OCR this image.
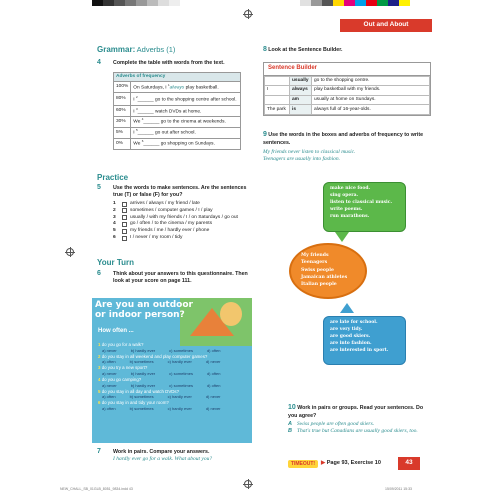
Out and About
Grammar: Adverbs (1)
4 Complete the table with words from the text.
Adverbs of frequency	
100%	On Saturdays, I $^1$always play basketball.
80%	I $^2$______ go to the shopping centre after school.
60%	I $^3$______ watch DVDs at home.
30%	We $^4$______ go to the cinema at weekends.
5%	I $^5$______ go out after school.
0%	We $^6$______ go shopping on Sundays.
8 Look at the Sentence Builder.
Sentence Builder
	usually	go to the shopping centre.
I	always	play basketball with my friends.
	am	usually at home on Sundays.
The park	is	always full of 16-year-olds.
9 Use the words in the boxes and adverbs of frequency to write sentences.
My friends never listen to classical music.
Teenagers are usually into fashion.
make nice food.
sing opera.
listen to classical music.
write poems.
run marathons.
My friends
Teenagers
Swiss people
Jamaican athletes
Italian people
are late for school.
are very tidy.
are good skiers.
are into fashion.
are interested in sport.
Practice
5 Use the words to make sentences. Are the sentences true (T) or false (F) for you?
1	arrives / always / my friend / late
2	sometimes / computer games / I / play
3	usually / with my friends / I / on Saturdays / go out
4	go / often / to the cinema / my parents
5	my friends / me / hardly ever / phone
6	I / never / my room / tidy
Your Turn
6 Think about your answers to this questionnaire. Then look at your score on page 111.
Are you an outdoor
or indoor person?
How often ...
1 do you go for a walk?
a) never	b) hardly ever	c) sometimes	d) often
2 do you stay in all weekend and play computer games?
a) often	b) sometimes	c) hardly ever	d) never
3 do you try a new sport?
a) never	b) hardly ever	c) sometimes	d) often
4 do you go camping?
a) never	b) hardly ever	c) sometimes	d) often
5 do you stay in all day and watch DVDs?
a) often	b) sometimes	c) hardly ever	d) never
6 do you stay in and tidy your room?
a) often	b) sometimes	c) hardly ever	d) never
7 Work in pairs. Compare your answers.
I hardly ever go for a walk. What about you?
10 Work in pairs or groups. Read your sentences. Do you agree?
A Swiss people are often good skiers.
B That's true but Canadians are usually good skiers, too.
TIMEOUT!	▶ Page 93, Exercise 10	43
NEW_CHALL_SB_01GLB_8051_9834.indd 43	15/09/2011 15:33
